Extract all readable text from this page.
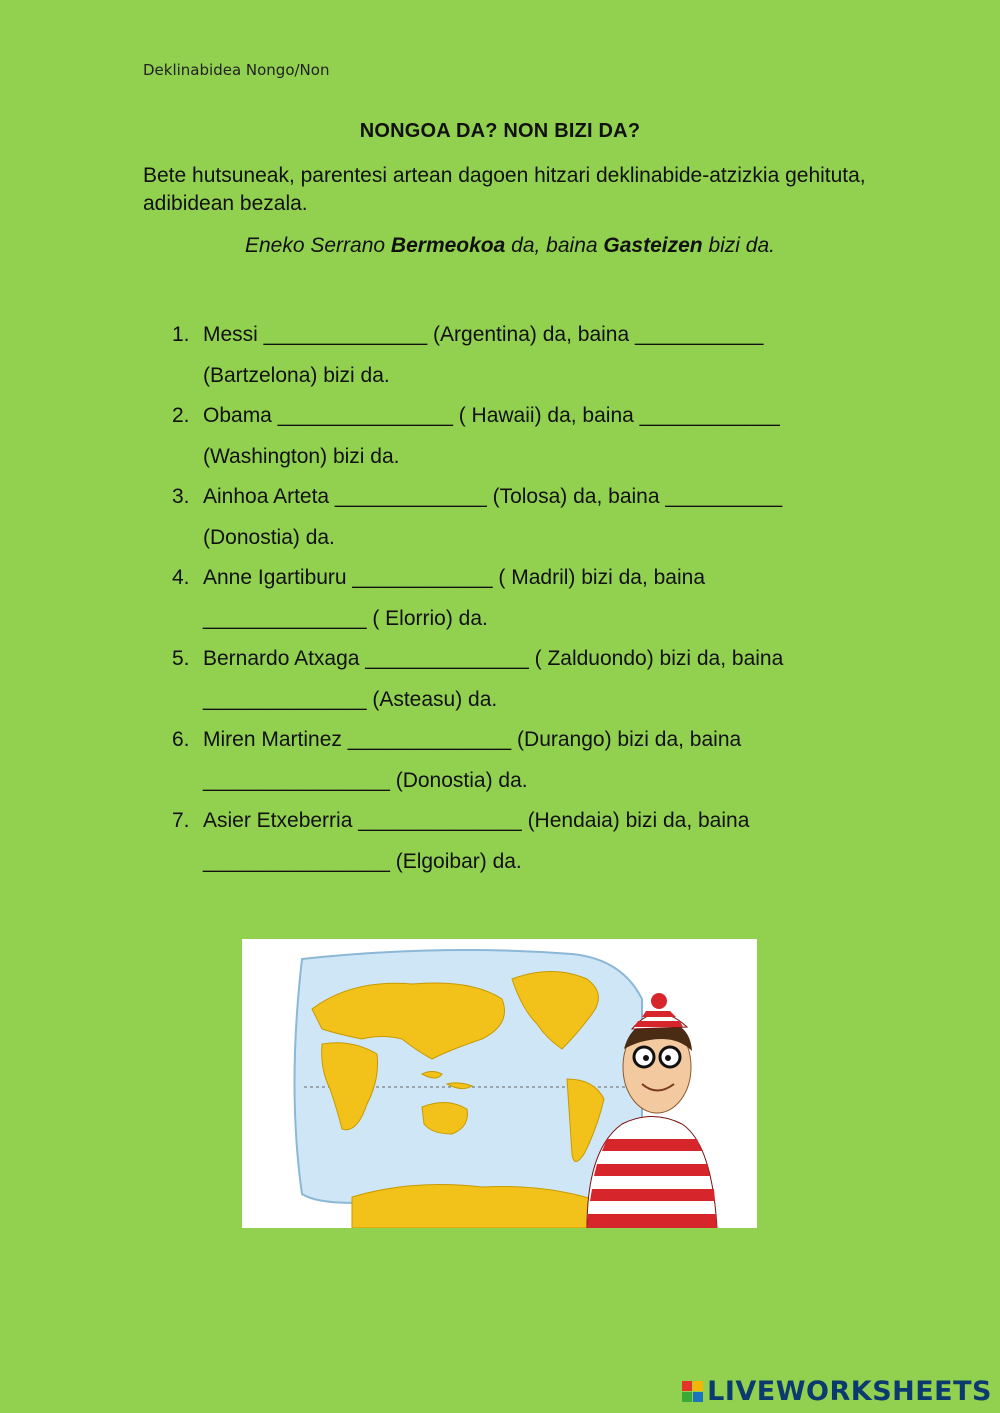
Deklinabidea Nongo/Non
NONGOA DA? NON BIZI DA?
Bete hutsuneak, parentesi artean dagoen hitzari deklinabide-atzizkia gehituta, adibidean bezala.
Eneko Serrano Bermeokoa da, baina Gasteizen bizi da.
1. Messi ______________ (Argentina) da, baina ___________
(Bartzelona) bizi da.
2. Obama _______________ ( Hawaii) da, baina ____________
(Washington) bizi da.
3. Ainhoa Arteta _____________ (Tolosa) da, baina __________
(Donostia) da.
4. Anne Igartiburu ____________ ( Madril) bizi da, baina
______________ ( Elorrio) da.
5. Bernardo Atxaga ______________ ( Zalduondo) bizi da, baina
______________ (Asteasu) da.
6. Miren Martinez ______________ (Durango) bizi da, baina
________________ (Donostia) da.
7. Asier Etxeberria ______________ (Hendaia) bizi da, baina
________________ (Elgoibar) da.
LIVEWORKSHEETS
